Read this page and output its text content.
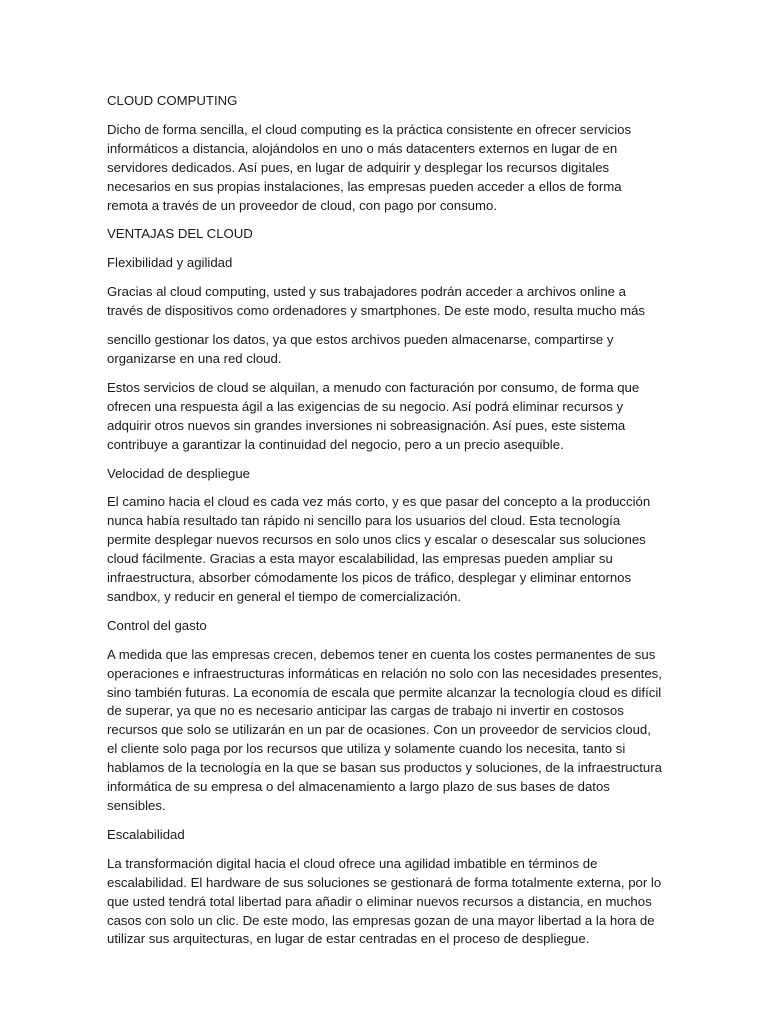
CLOUD COMPUTING

Dicho de forma sencilla, el cloud computing es la práctica consistente en ofrecer servicios informáticos a distancia, alojándolos en uno o más datacenters externos en lugar de en servidores dedicados. Así pues, en lugar de adquirir y desplegar los recursos digitales necesarios en sus propias instalaciones, las empresas pueden acceder a ellos de forma remota a través de un proveedor de cloud, con pago por consumo.

VENTAJAS DEL CLOUD

Flexibilidad y agilidad

Gracias al cloud computing, usted y sus trabajadores podrán acceder a archivos online a través de dispositivos como ordenadores y smartphones. De este modo, resulta mucho más

sencillo gestionar los datos, ya que estos archivos pueden almacenarse, compartirse y organizarse en una red cloud.

Estos servicios de cloud se alquilan, a menudo con facturación por consumo, de forma que ofrecen una respuesta ágil a las exigencias de su negocio. Así podrá eliminar recursos y adquirir otros nuevos sin grandes inversiones ni sobreasignación. Así pues, este sistema contribuye a garantizar la continuidad del negocio, pero a un precio asequible.

Velocidad de despliegue

El camino hacia el cloud es cada vez más corto, y es que pasar del concepto a la producción nunca había resultado tan rápido ni sencillo para los usuarios del cloud. Esta tecnología permite desplegar nuevos recursos en solo unos clics y escalar o desescalar sus soluciones cloud fácilmente. Gracias a esta mayor escalabilidad, las empresas pueden ampliar su infraestructura, absorber cómodamente los picos de tráfico, desplegar y eliminar entornos sandbox, y reducir en general el tiempo de comercialización.

Control del gasto

A medida que las empresas crecen, debemos tener en cuenta los costes permanentes de sus operaciones e infraestructuras informáticas en relación no solo con las necesidades presentes, sino también futuras. La economía de escala que permite alcanzar la tecnología cloud es difícil de superar, ya que no es necesario anticipar las cargas de trabajo ni invertir en costosos recursos que solo se utilizarán en un par de ocasiones. Con un proveedor de servicios cloud, el cliente solo paga por los recursos que utiliza y solamente cuando los necesita, tanto si hablamos de la tecnología en la que se basan sus productos y soluciones, de la infraestructura informática de su empresa o del almacenamiento a largo plazo de sus bases de datos sensibles.

Escalabilidad

La transformación digital hacia el cloud ofrece una agilidad imbatible en términos de escalabilidad. El hardware de sus soluciones se gestionará de forma totalmente externa, por lo que usted tendrá total libertad para añadir o eliminar nuevos recursos a distancia, en muchos casos con solo un clic. De este modo, las empresas gozan de una mayor libertad a la hora de utilizar sus arquitecturas, en lugar de estar centradas en el proceso de despliegue.
